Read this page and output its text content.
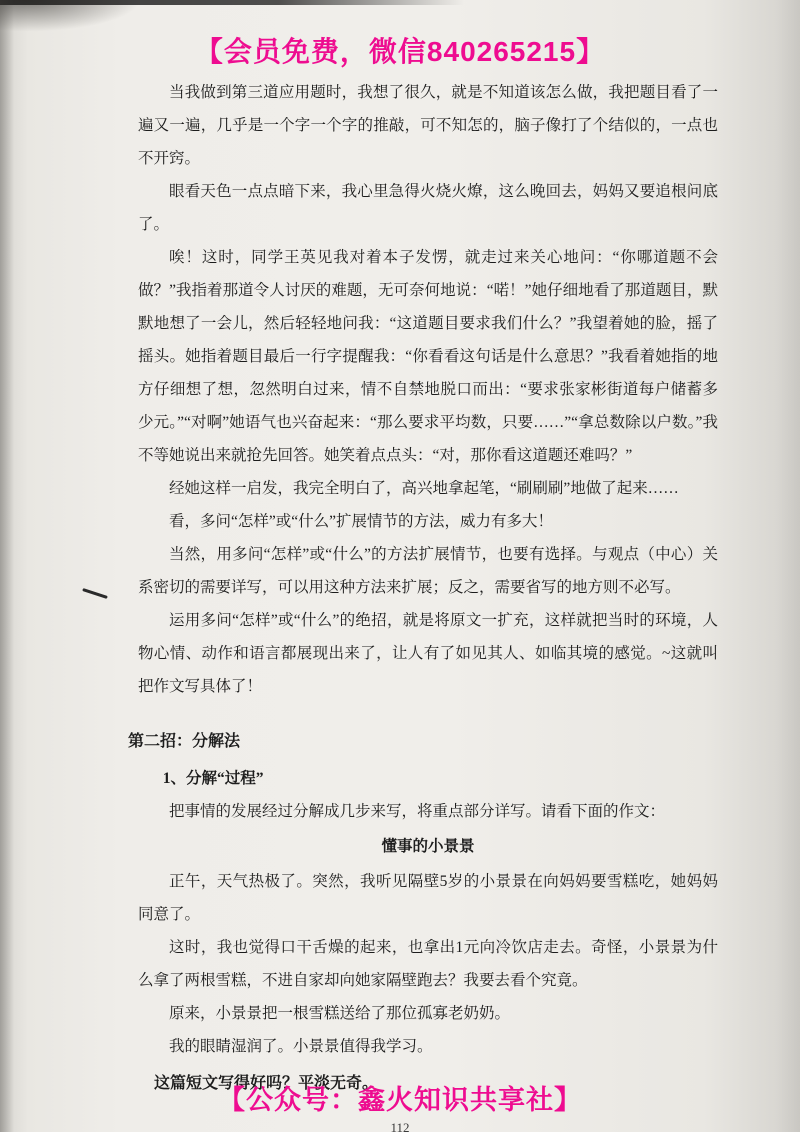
【会员免费，微信840265215】

当我做到第三道应用题时，我想了很久，就是不知道该怎么做，我把题目看了一遍又一遍，几乎是一个字一个字的推敲，可不知怎的，脑子像打了个结似的，一点也不开窍。

眼看天色一点点暗下来，我心里急得火烧火燎，这么晚回去，妈妈又要追根问底了。

唉！这时，同学王英见我对着本子发愣，就走过来关心地问：“你哪道题不会做？”我指着那道令人讨厌的难题，无可奈何地说：“喏！”她仔细地看了那道题目，默默地想了一会儿，然后轻轻地问我：“这道题目要求我们什么？”我望着她的脸，摇了摇头。她指着题目最后一行字提醒我：“你看看这句话是什么意思？”我看着她指的地方仔细想了想，忽然明白过来，情不自禁地脱口而出：“要求张家彬街道每户储蓄多少元。”“对啊”她语气也兴奋起来：“那么要求平均数，只要……”“拿总数除以户数。”我不等她说出来就抢先回答。她笑着点点头：“对，那你看这道题还难吗？”

经她这样一启发，我完全明白了，高兴地拿起笔，“刷刷刷”地做了起来……

看，多问“怎样”或“什么”扩展情节的方法，威力有多大！

当然，用多问“怎样”或“什么”的方法扩展情节，也要有选择。与观点（中心）关系密切的需要详写，可以用这种方法来扩展；反之，需要省写的地方则不必写。

运用多问“怎样”或“什么”的绝招，就是将原文一扩充，这样就把当时的环境，人物心情、动作和语言都展现出来了，让人有了如见其人、如临其境的感觉。~这就叫把作文写具体了！

第二招：分解法

1、分解“过程”

把事情的发展经过分解成几步来写，将重点部分详写。请看下面的作文：

懂事的小景景

正午，天气热极了。突然，我听见隔壁5岁的小景景在向妈妈要雪糕吃，她妈妈同意了。

这时，我也觉得口干舌燥的起来，也拿出1元向冷饮店走去。奇怪，小景景为什么拿了两根雪糕，不进自家却向她家隔壁跑去？我要去看个究竟。

原来，小景景把一根雪糕送给了那位孤寡老奶奶。

我的眼睛湿润了。小景景值得我学习。

这篇短文写得好吗？平淡无奇。

【公众号：鑫火知识共享社】
112
